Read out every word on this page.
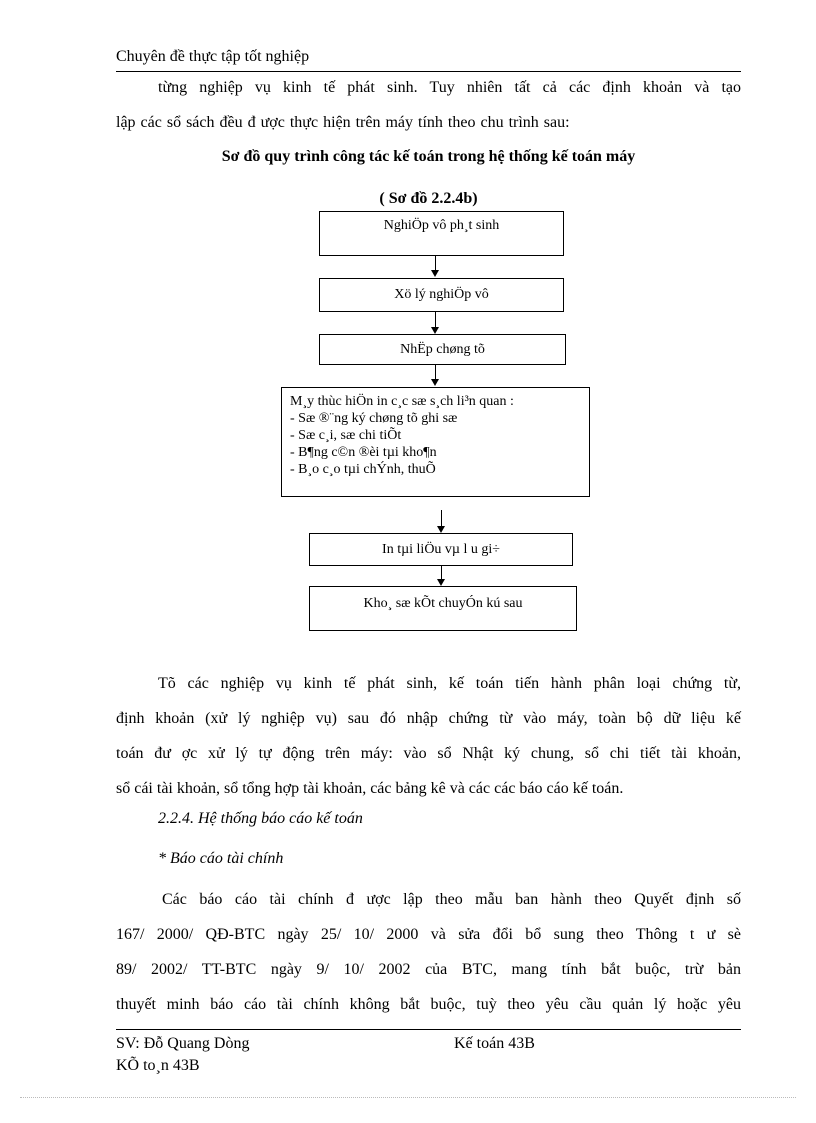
Chuyên đề thực tập tốt nghiệp
từng nghiệp vụ kinh tế phát sinh. Tuy nhiên tất cả các định khoản và tạo
lập các sổ sách đều đ ược thực hiện trên máy tính theo chu trình sau:
Sơ đồ quy trình công tác kế toán trong hệ thống kế toán máy
( Sơ đồ 2.2.4b)
NghiÖp vô ph¸t sinh
Xö lý nghiÖp vô
NhËp chøng tõ
M¸y thùc hiÖn in c¸c sæ s¸ch li³n quan :
- Sæ ®¨ng ký chøng tõ ghi sæ
- Sæ c¸i, sæ chi tiÕt
- B¶ng c©n ®èi tµi kho¶n
- B¸o c¸o tµi chÝnh, thuÕ
In tµi liÖu vµ l u gi÷
Kho¸ sæ kÕt chuyÓn kú sau
Tõ các nghiệp vụ kinh tế phát sinh, kế toán tiến hành phân loại chứng từ,
định khoản (xử lý nghiệp vụ) sau đó nhập chứng từ vào máy, toàn bộ dữ liệu kế
toán đư ợc xử lý tự động trên máy: vào sổ Nhật ký chung, sổ chi tiết tài khoản,
sổ cái tài khoản, sổ tổng hợp tài khoản, các bảng kê và các các báo cáo kế toán.
2.2.4. Hệ thống báo cáo kế toán
* Báo cáo tài chính
Các báo cáo tài chính đ ược lập theo mẫu ban hành theo Quyết định số
167/ 2000/ QĐ-BTC ngày 25/ 10/ 2000 và sửa đổi bổ sung theo Thông t ư sè
89/ 2002/ TT-BTC ngày 9/ 10/ 2002 của BTC, mang tính bắt buộc, trừ bản
thuyết minh báo cáo tài chính không bắt buộc, tuỳ theo yêu cầu quản lý hoặc yêu
SV: Đỗ Quang Dòng	Kế toán 43B
KÕ to¸n 43B
